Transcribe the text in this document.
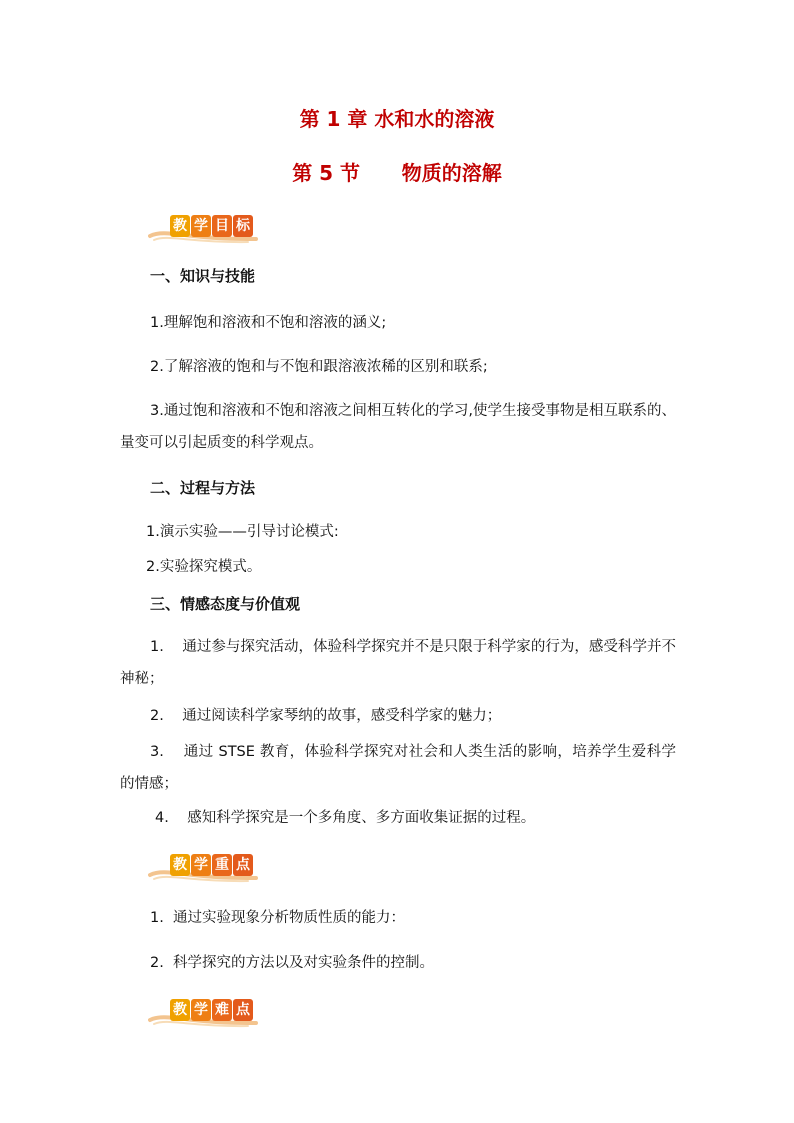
第 1 章 水和水的溶液
第 5 节      物质的溶解
教 学 目 标
一、知识与技能
1.理解饱和溶液和不饱和溶液的涵义;
2.了解溶液的饱和与不饱和跟溶液浓稀的区别和联系;

3.通过饱和溶液和不饱和溶液之间相互转化的学习,使学生接受事物是相互联系的、量变可以引起质变的科学观点。

二、过程与方法
1.演示实验——引导讨论模式:
2.实验探究模式。
三、情感态度与价值观

1.    通过参与探究活动，体验科学探究并不是只限于科学家的行为，感受科学并不神秘；

2.    通过阅读科学家琴纳的故事，感受科学家的魅力；

3.    通过 STSE 教育，体验科学探究对社会和人类生活的影响，培养学生爱科学的情感；

4.    感知科学探究是一个多角度、多方面收集证据的过程。
教 学 重 点
1.  通过实验现象分析物质性质的能力：
2.  科学探究的方法以及对实验条件的控制。
教 学 难 点
